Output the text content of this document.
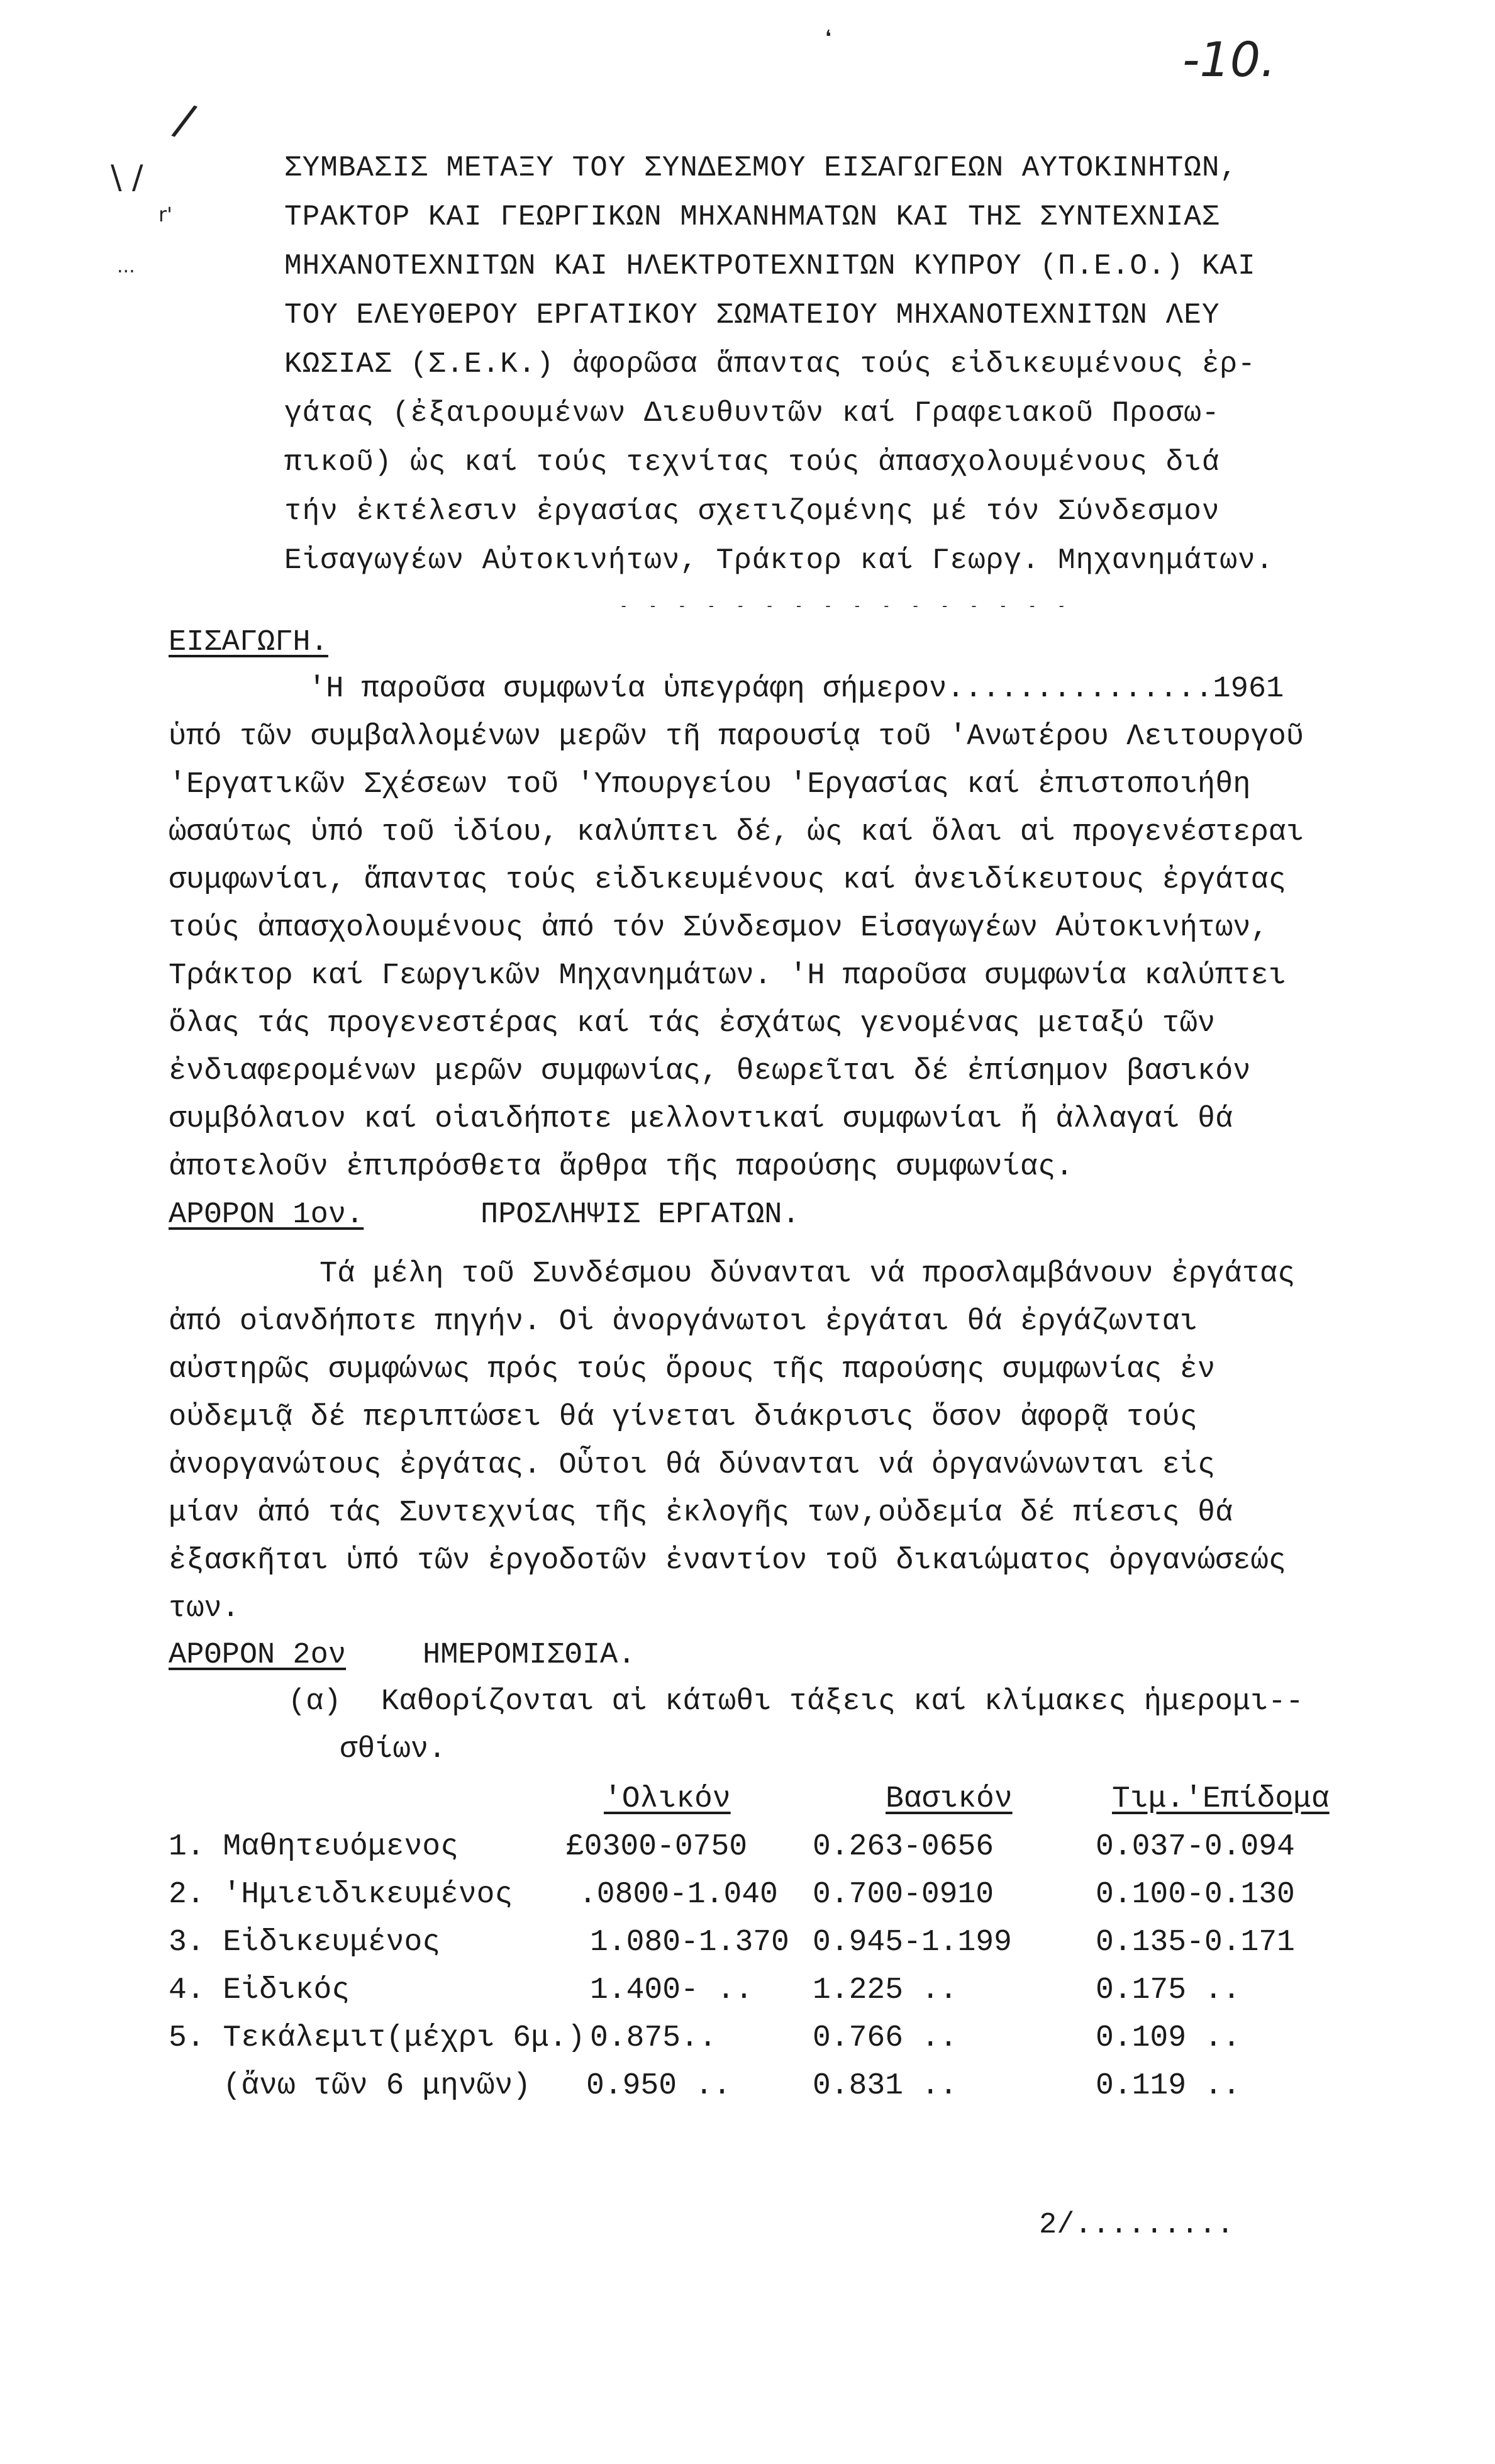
-10.
❛
/
\ /
r'
...
ΣΥΜΒΑΣΙΣ ΜΕΤΑΞΥ ΤΟΥ ΣΥΝΔΕΣΜΟΥ ΕΙΣΑΓΩΓΕΩΝ ΑΥΤΟΚΙΝΗΤΩΝ,
ΤΡΑΚΤΟΡ ΚΑΙ ΓΕΩΡΓΙΚΩΝ ΜΗΧΑΝΗΜΑΤΩΝ ΚΑΙ ΤΗΣ ΣΥΝΤΕΧΝΙΑΣ
ΜΗΧΑΝΟΤΕΧΝΙΤΩΝ ΚΑΙ ΗΛΕΚΤΡΟΤΕΧΝΙΤΩΝ ΚΥΠΡΟΥ (Π.Ε.Ο.) ΚΑΙ
ΤΟΥ ΕΛΕΥΘΕΡΟΥ ΕΡΓΑΤΙΚΟΥ ΣΩΜΑΤΕΙΟΥ ΜΗΧΑΝΟΤΕΧΝΙΤΩΝ ΛΕΥ
ΚΩΣΙΑΣ (Σ.Ε.Κ.) ἀφορῶσα ἅπαντας τούς εἰδικευμένους ἐρ-
γάτας (ἐξαιρουμένων Διευθυντῶν καί Γραφειακοῦ Προσω-
πικοῦ) ὡς καί τούς τεχνίτας τούς ἀπασχολουμένους διά
τήν ἐκτέλεσιν ἐργασίας σχετιζομένης μέ τόν Σύνδεσμον
Εἰσαγωγέων Αὐτοκινήτων, Τράκτορ καί Γεωργ. Μηχανημάτων.
- - - - - - - - - - - - - - - -
ΕΙΣΑΓΩΓΗ.
'Η παροῦσα συμφωνία ὑπεγράφη σήμερον...............1961
ὑπό τῶν συμβαλλομένων μερῶν τῆ παρουσίᾳ τοῦ 'Ανωτέρου Λειτουργοῦ
'Εργατικῶν Σχέσεων τοῦ 'Υπουργείου 'Εργασίας καί ἐπιστοποιήθη
ὡσαύτως ὑπό τοῦ ἰδίου, καλύπτει δέ, ὡς καί ὅλαι αἱ προγενέστεραι
συμφωνίαι, ἅπαντας τούς εἰδικευμένους καί ἀνειδίκευτους ἐργάτας
τούς ἀπασχολουμένους ἀπό τόν Σύνδεσμον Εἰσαγωγέων Αὐτοκινήτων,
Τράκτορ καί Γεωργικῶν Μηχανημάτων. 'Η παροῦσα συμφωνία καλύπτει
ὅλας τάς προγενεστέρας καί τάς ἐσχάτως γενομένας μεταξύ τῶν
ἐνδιαφερομένων μερῶν συμφωνίας, θεωρεῖται δέ ἐπίσημον βασικόν
συμβόλαιον καί οἱαιδήποτε μελλοντικαί συμφωνίαι ἤ ἀλλαγαί θά
ἀποτελοῦν ἐπιπρόσθετα ἄρθρα τῆς παρούσης συμφωνίας.
ΑΡΘΡΟΝ 1ον.	ΠΡΟΣΛΗΨΙΣ ΕΡΓΑΤΩΝ.
Τά μέλη τοῦ Συνδέσμου δύνανται νά προσλαμβάνουν ἐργάτας
ἀπό οἱανδήποτε πηγήν. Οἱ ἀνοργάνωτοι ἐργάται θά ἐργάζωνται
αὐστηρῶς συμφώνως πρός τούς ὅρους τῆς παρούσης συμφωνίας ἐν
οὐδεμιᾷ δέ περιπτώσει θά γίνεται διάκρισις ὅσον ἀφορᾷ τούς
ἀνοργανώτους ἐργάτας. Οὗτοι θά δύνανται νά ὀργανώνωνται εἰς
μίαν ἀπό τάς Συντεχνίας τῆς ἐκλογῆς των,οὐδεμία δέ πίεσις θά
ἐξασκῆται ὑπό τῶν ἐργοδοτῶν ἐναντίον τοῦ δικαιώματος ὀργανώσεώς
των.
ΑΡΘΡΟΝ 2ον	ΗΜΕΡΟΜΙΣΘΙΑ.
(α) Καθορίζονται αἱ κάτωθι τάξεις καί κλίμακες ἡμερομι--
σθίων.
'Ολικόν	Βασικόν	Τιμ.'Επίδομα
1. Μαθητευόμενος	£0300-0750 0.263-0656	0.037-0.094
2. 'Ημιειδικευμένος .0800-1.040 0.700-0910	0.100-0.130
3. Εἰδικευμένος	1.080-1.370 0.945-1.199	0.135-0.171
4. Εἰδικός	1.400- .. 1.225 ..	0.175 ..
5. Τεκάλεμιτ(μέχρι 6μ.) 0.875..	0.766 ..	0.109 ..
(ἄνω τῶν 6 μηνῶν) 0.950 ..	0.831 ..	0.119 ..
2/.........
